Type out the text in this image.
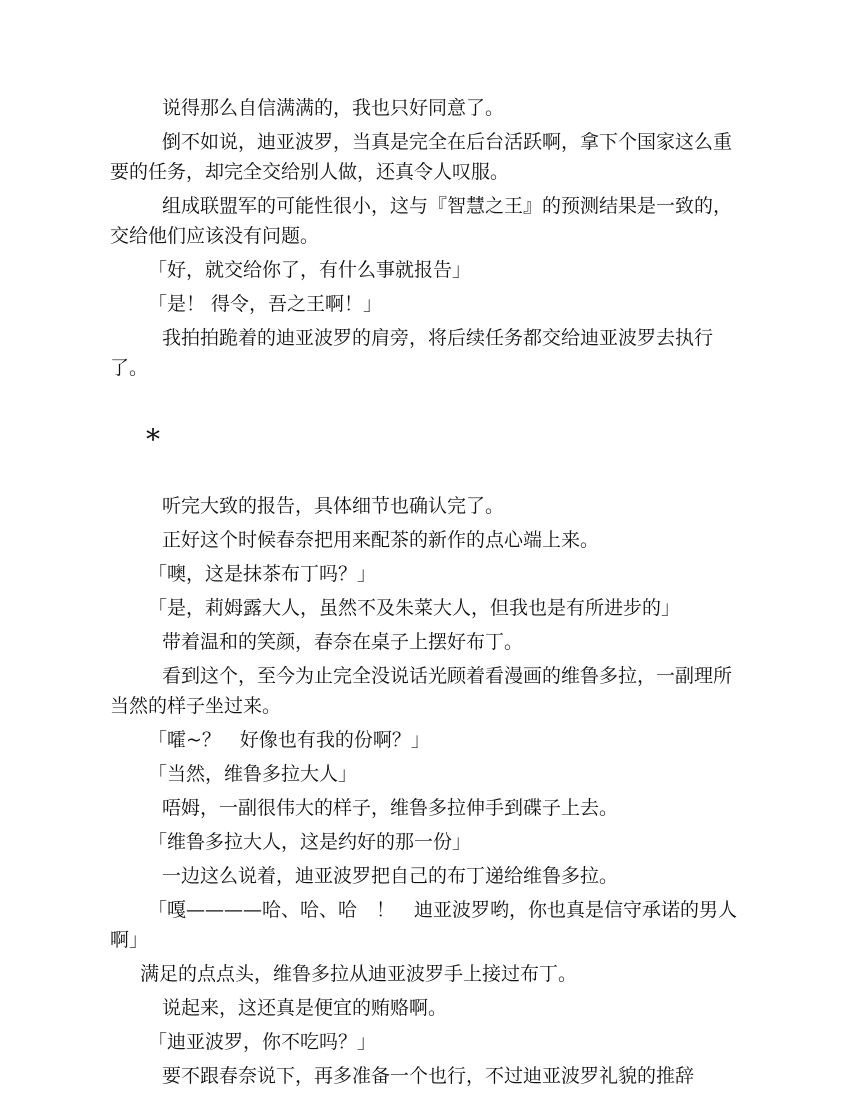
说得那么自信满满的，我也只好同意了。

倒不如说，迪亚波罗，当真是完全在后台活跃啊，拿下个国家这么重要的任务，却完全交给别人做，还真令人叹服。

组成联盟军的可能性很小，这与『智慧之王』的预测结果是一致的，交给他们应该没有问题。

「好，就交给你了，有什么事就报告」

「是！ 得令，吾之王啊！」

我拍拍跪着的迪亚波罗的肩旁，将后续任务都交给迪亚波罗去执行了。

*

听完大致的报告，具体细节也确认完了。

正好这个时候春奈把用来配茶的新作的点心端上来。

「噢，这是抹茶布丁吗？」

「是，莉姆露大人，虽然不及朱菜大人，但我也是有所进步的」

带着温和的笑颜，春奈在桌子上摆好布丁。

看到这个，至今为止完全没说话光顾着看漫画的维鲁多拉，一副理所当然的样子坐过来。

「嚯~？　好像也有我的份啊？」

「当然，维鲁多拉大人」

唔姆，一副很伟大的样子，维鲁多拉伸手到碟子上去。

「维鲁多拉大人，这是约好的那一份」

一边这么说着，迪亚波罗把自己的布丁递给维鲁多拉。

「嘎————哈、哈、哈　！　迪亚波罗哟，你也真是信守承诺的男人啊」

满足的点点头，维鲁多拉从迪亚波罗手上接过布丁。

说起来，这还真是便宜的贿赂啊。

「迪亚波罗，你不吃吗？」

要不跟春奈说下，再多准备一个也行，不过迪亚波罗礼貌的推辞
